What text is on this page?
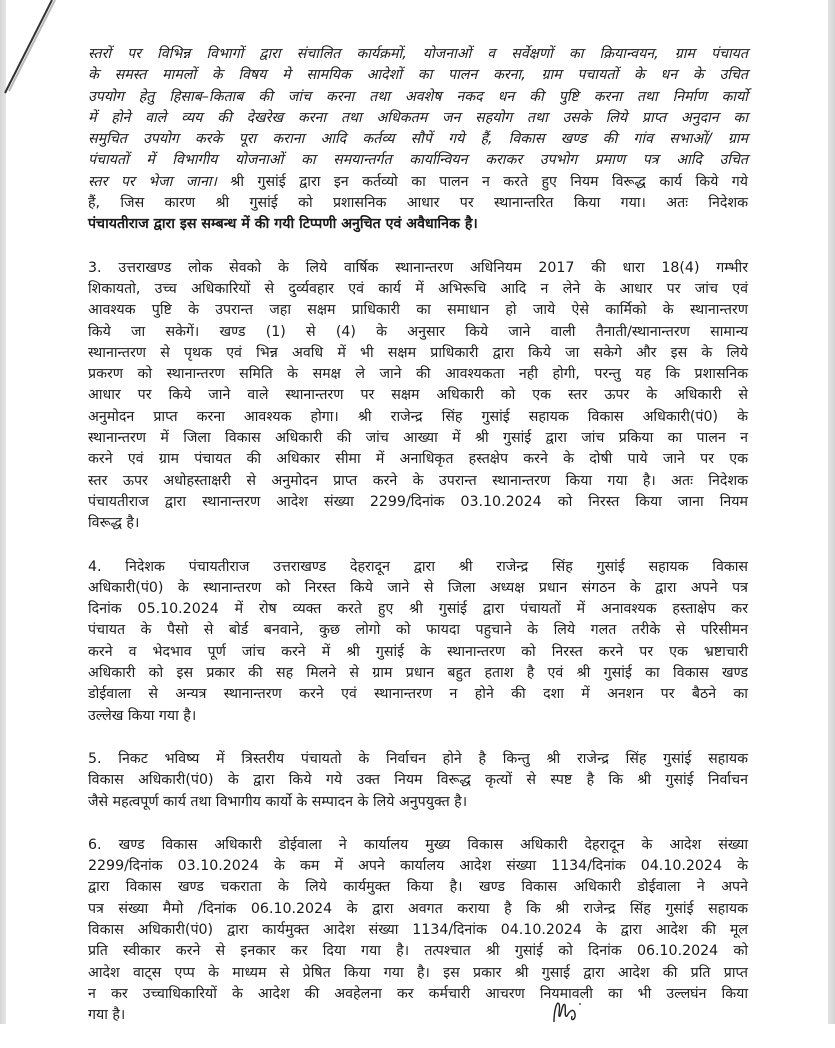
स्तरों पर विभिन्न विभागों द्वारा संचालित कार्यक्रमों, योजनाओं व सर्वेक्षणों का क्रियान्वयन, ग्राम पंचायत
के समस्त मामलों के विषय मे सामयिक आदेशों का पालन करना, ग्राम पचायतों के धन के उचित
उपयोग हेतु हिसाब–किताब की जांच करना तथा अवशेष नकद धन की पुष्टि करना तथा निर्माण कार्यो
में होने वाले व्यय की देखरेख करना तथा अधिकतम जन सहयोग तथा उसके लिये प्राप्त अनुदान का
समुचित उपयोग करके पूरा कराना आदि कर्तव्य सौपें गये हैं, विकास खण्ड की गांव सभाओं/ ग्राम
पंचायतों में विभागीय योजनाओं का समयान्तर्गत कार्यान्वियन कराकर उपभोग प्रमाण पत्र आदि उचित
स्तर पर भेजा जाना। श्री गुसांई द्वारा इन कर्तव्यो का पालन न करते हुए नियम विरूद्ध कार्य किये गये
हैं, जिस कारण श्री गुसांई को प्रशासनिक आधार पर स्थानान्तरित किया गया। अतः निदेशक
पंचायतीराज द्वारा इस सम्बन्ध में की गयी टिप्पणी अनुचित एवं अवैधानिक है।
3. उत्तराखण्ड लोक सेवको के लिये वार्षिक स्थानान्तरण अधिनियम 2017 की धारा 18(4) गम्भीर
शिकायतो, उच्च अधिकारियों से दुर्व्यवहार एवं कार्य में अभिरूचि आदि न लेने के आधार पर जांच एवं
आवश्यक पुष्टि के उपरान्त जहा सक्षम प्राधिकारी का समाधान हो जाये ऐसे कार्मिको के स्थानान्तरण
किये जा सकेगें। खण्ड (1) से (4) के अनुसार किये जाने वाली तैनाती/स्थानान्तरण सामान्य
स्थानान्तरण से पृथक एवं भिन्न अवधि में भी सक्षम प्राधिकारी द्वारा किये जा सकेगे और इस के लिये
प्रकरण को स्थानान्तरण समिति के समक्ष ले जाने की आवश्यकता नही होगी, परन्तु यह कि प्रशासनिक
आधार पर किये जाने वाले स्थानान्तरण पर सक्षम अधिकारी को एक स्तर ऊपर के अधिकारी से
अनुमोदन प्राप्त करना आवश्यक होगा। श्री राजेन्द्र सिंह गुसांई सहायक विकास अधिकारी(पं0) के
स्थानान्तरण में जिला विकास अधिकारी की जांच आख्या में श्री गुसांई द्वारा जांच प्रकिया का पालन न
करने एवं ग्राम पंचायत की अधिकार सीमा में अनाधिकृत हस्तक्षेप करने के दोषी पाये जाने पर एक
स्तर ऊपर अधोहस्ताक्षरी से अनुमोदन प्राप्त करने के उपरान्त स्थानान्तरण किया गया है। अतः निदेशक
पंचायतीराज द्वारा स्थानान्तरण आदेश संख्या 2299/दिनांक 03.10.2024 को निरस्त किया जाना नियम
विरूद्ध है।
4. निदेशक पंचायतीराज उत्तराखण्ड देहरादून द्वारा श्री राजेन्द्र सिंह गुसांई सहायक विकास
अधिकारी(पं0) के स्थानान्तरण को निरस्त किये जाने से जिला अध्यक्ष प्रधान संगठन के द्वारा अपने पत्र
दिनांक 05.10.2024 में रोष व्यक्त करते हुए श्री गुसांई द्वारा पंचायतों में अनावश्यक हस्ताक्षेप कर
पंचायत के पैसो से बोर्ड बनवाने, कुछ लोगो को फायदा पहुचाने के लिये गलत तरीके से परिसीमन
करने व भेदभाव पूर्ण जांच करने में श्री गुसांई के स्थानान्तरण को निरस्त करने पर एक भ्रष्टाचारी
अधिकारी को इस प्रकार की सह मिलने से ग्राम प्रधान बहुत हताश है एवं श्री गुसांई का विकास खण्ड
डोईवाला से अन्यत्र स्थानान्तरण करने एवं स्थानान्तरण न होने की दशा में अनशन पर बैठने का
उल्लेख किया गया है।
5. निकट भविष्य में त्रिस्तरीय पंचायतो के निर्वाचन होने है किन्तु श्री राजेन्द्र सिंह गुसांई सहायक
विकास अधिकारी(पं0) के द्वारा किये गये उक्त नियम विरूद्ध कृत्यों से स्पष्ट है कि श्री गुसांई निर्वाचन
जैसे महत्वपूर्ण कार्य तथा विभागीय कार्यो के सम्पादन के लिये अनुपयुक्त है।
6. खण्ड विकास अधिकारी डोईवाला ने कार्यालय मुख्य विकास अधिकारी देहरादून के आदेश संख्या
2299/दिनांक 03.10.2024 के कम में अपने कार्यालय आदेश संख्या 1134/दिनांक 04.10.2024 के
द्वारा विकास खण्ड चकराता के लिये कार्यमुक्त किया है। खण्ड विकास अधिकारी डोईवाला ने अपने
पत्र संख्या मैमो /दिनांक 06.10.2024 के द्वारा अवगत कराया है कि श्री राजेन्द्र सिंह गुसांई सहायक
विकास अधिकारी(पं0) द्वारा कार्यमुक्त आदेश संख्या 1134/दिनांक 04.10.2024 के द्वारा आदेश की मूल
प्रति स्वीकार करने से इनकार कर दिया गया है। तत्पश्चात श्री गुसांई को दिनांक 06.10.2024 को
आदेश वाट्स एप्प के माध्यम से प्रेषित किया गया है। इस प्रकार श्री गुसाई द्वारा आदेश की प्रति प्राप्त
न कर उच्चाधिकारियों के आदेश की अवहेलना कर कर्मचारी आचरण नियमावली का भी उल्लघंन किया
गया है।
